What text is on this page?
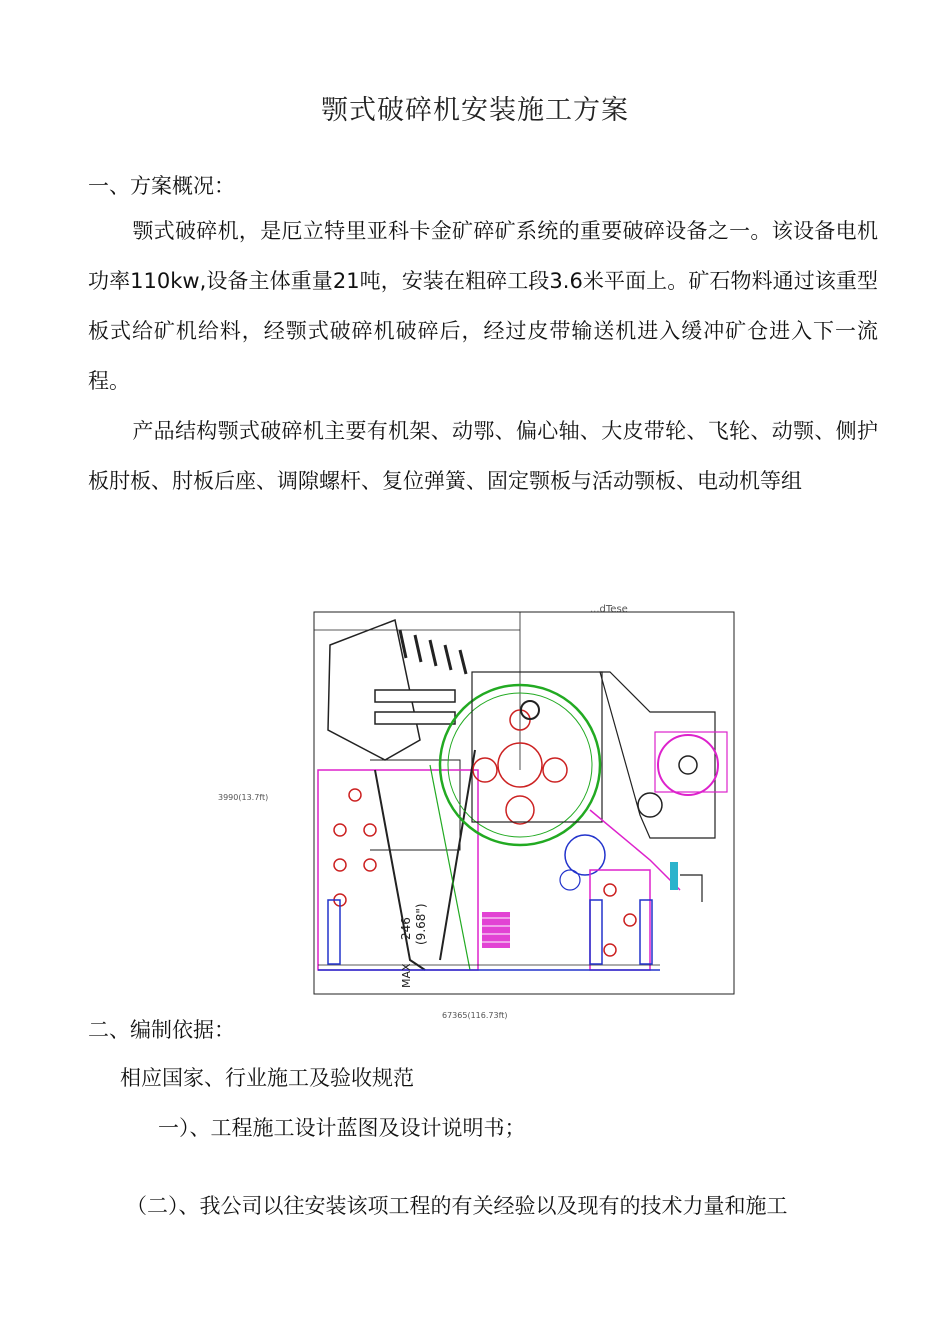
颚式破碎机安装施工方案
一、方案概况：
颚式破碎机，是厄立特里亚科卡金矿碎矿系统的重要破碎设备之一。该设备电机功率110kw,设备主体重量21吨，安装在粗碎工段3.6米平面上。矿石物料通过该重型板式给矿机给料，经颚式破碎机破碎后，经过皮带输送机进入缓冲矿仓进入下一流程。
产品结构颚式破碎机主要有机架、动鄂、偏心轴、大皮带轮、飞轮、动颚、侧护板肘板、肘板后座、调隙螺杆、复位弹簧、固定颚板与活动颚板、电动机等组
246 (9.68")
MAX
...dTese
3990(13.7ft)
67365(116.73ft)
二、编制依据：
相应国家、行业施工及验收规范
一）、工程施工设计蓝图及设计说明书；
（二）、我公司以往安装该项工程的有关经验以及现有的技术力量和施工
